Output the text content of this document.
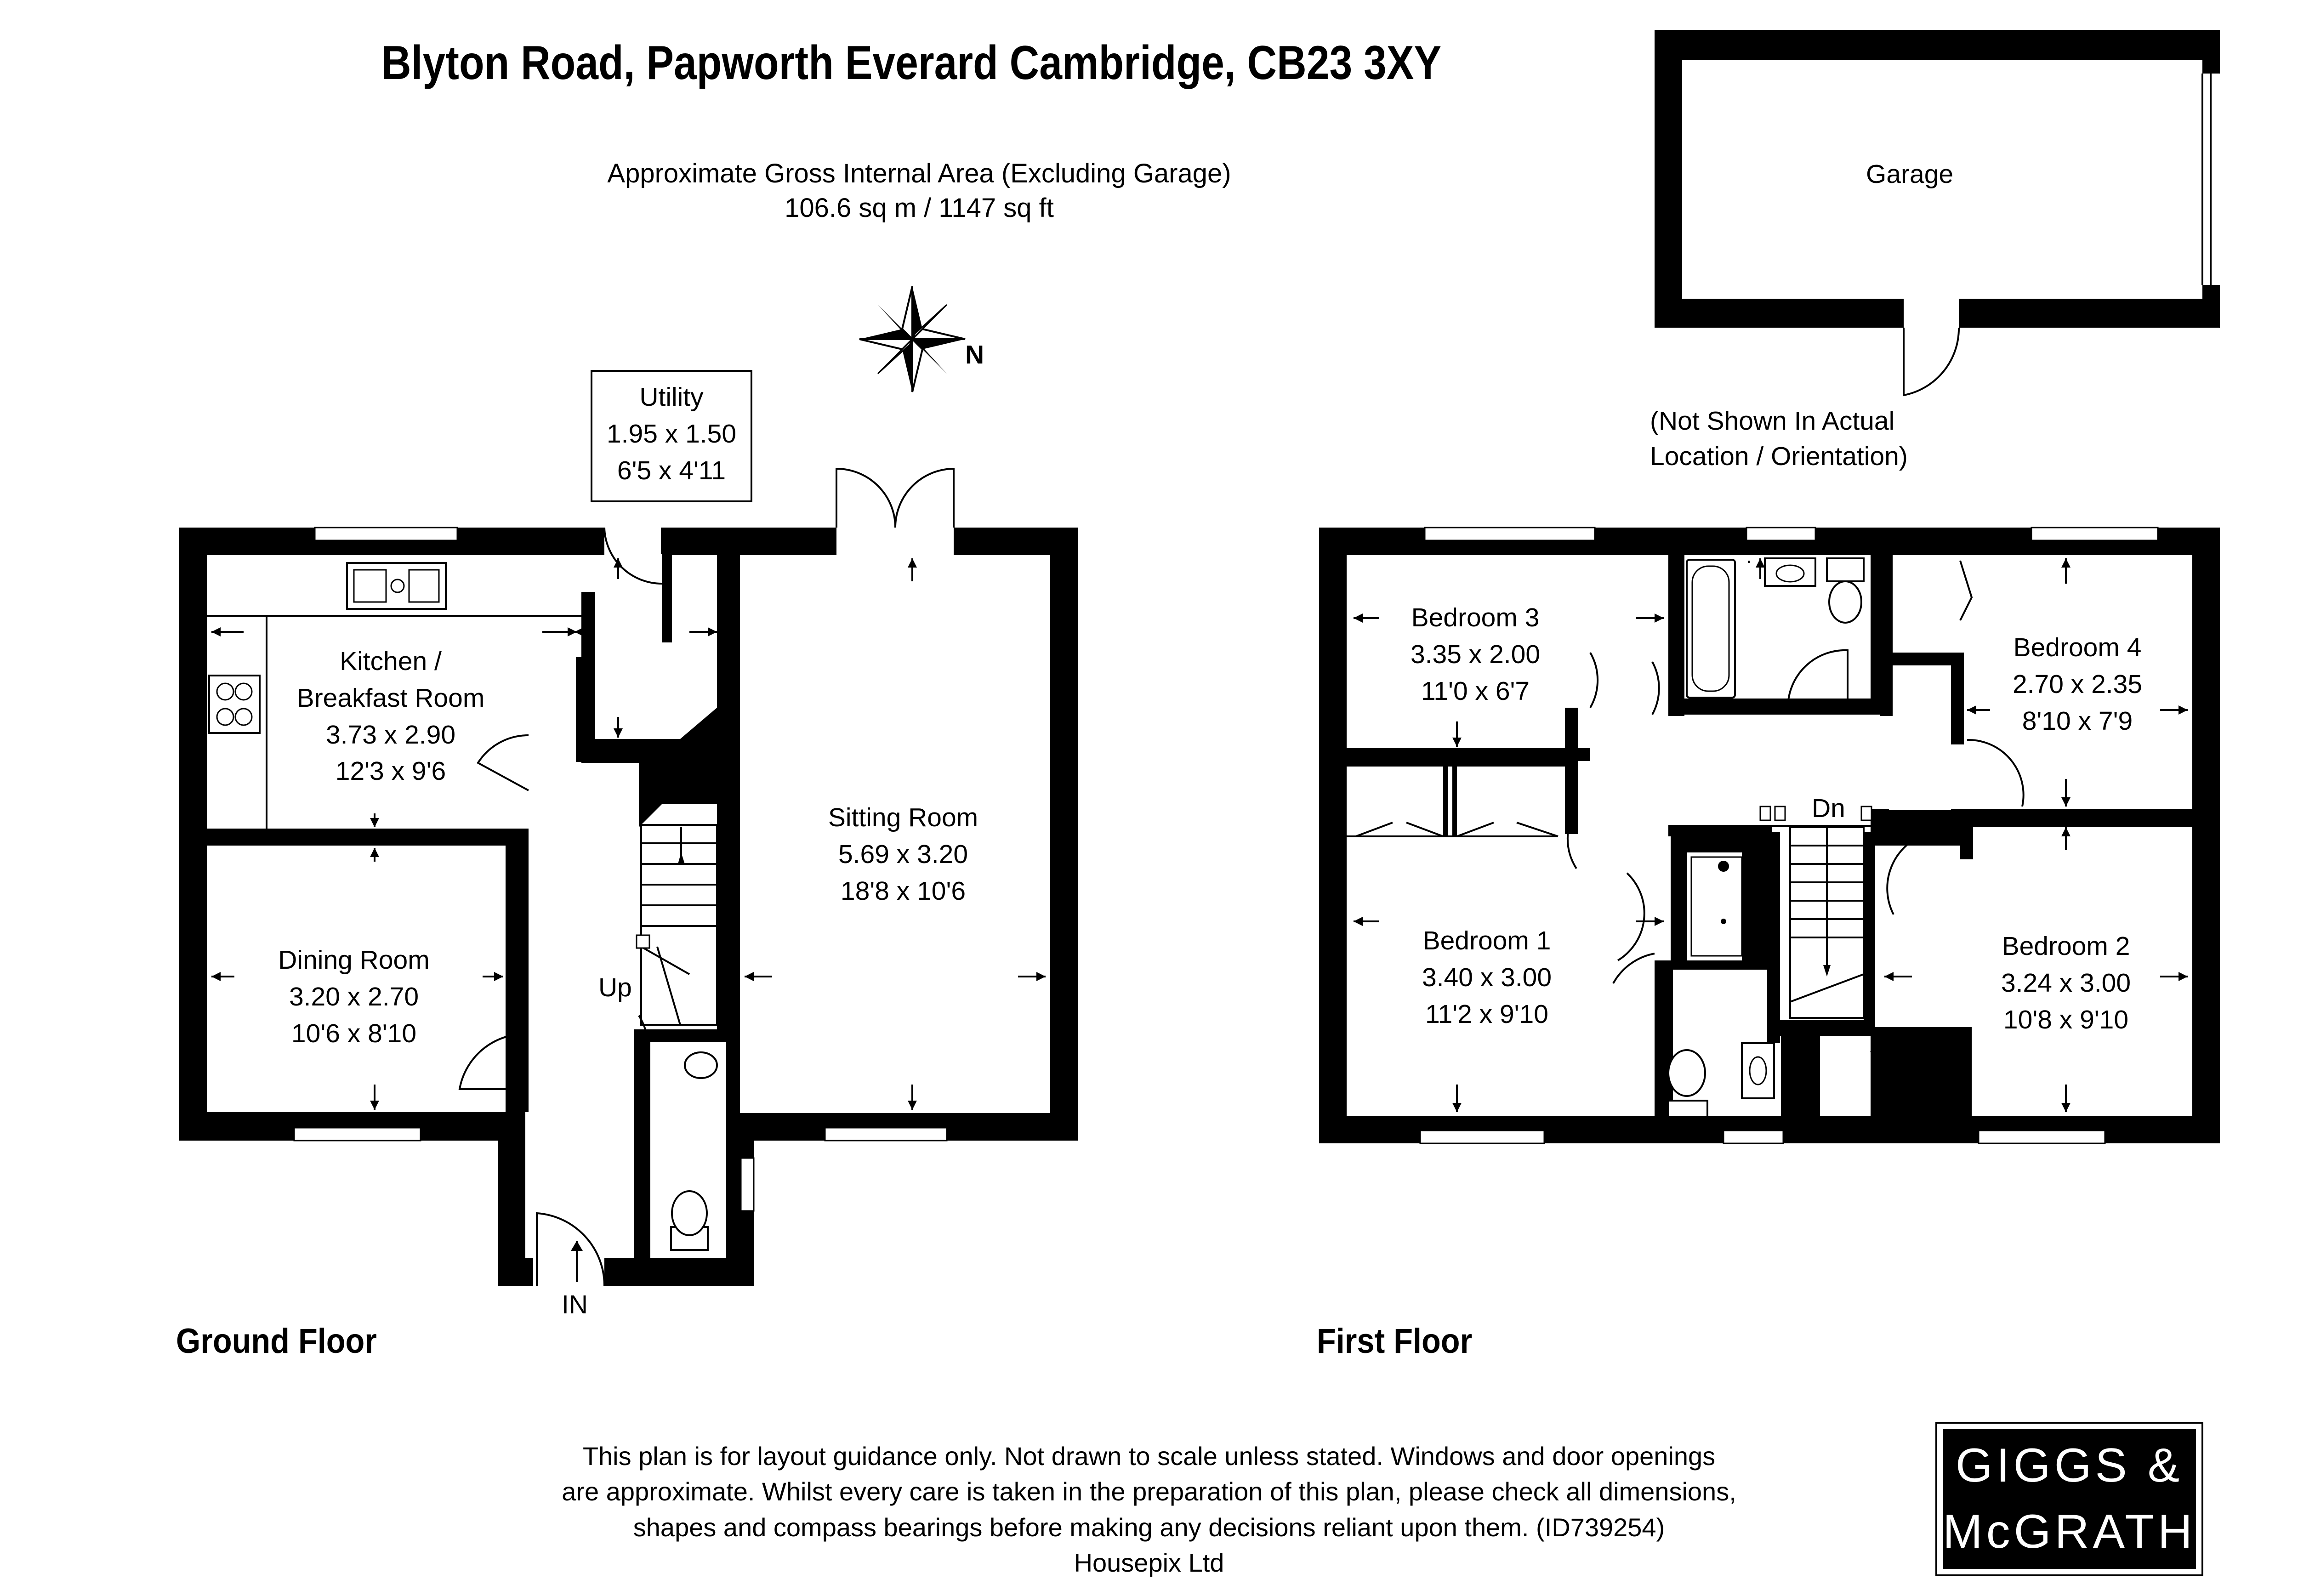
Blyton Road, Papworth Everard Cambridge, CB23 3XY
Approximate Gross Internal Area (Excluding Garage)
106.6 sq m / 1147 sq ft
Garage
(Not Shown In Actual
Location / Orientation)
N
Utility
1.95 x 1.50
6'5 x 4'11
Kitchen /
Breakfast Room
3.73 x 2.90
12'3 x 9'6
Dining Room
3.20 x 2.70
10'6 x 8'10
Sitting Room
5.69 x 3.20
18'8 x 10'6
Up
IN
Bedroom 3
3.35 x 2.00
11'0 x 6'7
Bedroom 4
2.70 x 2.35
8'10 x 7'9
Bedroom 1
3.40 x 3.00
11'2 x 9'10
Bedroom 2
3.24 x 3.00
10'8 x 9'10
Dn
Ground Floor	First Floor
This plan is for layout guidance only. Not drawn to scale unless stated. Windows and door openings
are approximate. Whilst every care is taken in the preparation of this plan, please check all dimensions,
shapes and compass bearings before making any decisions reliant upon them. (ID739254)
Housepix Ltd
GIGGS &
McGRATH
